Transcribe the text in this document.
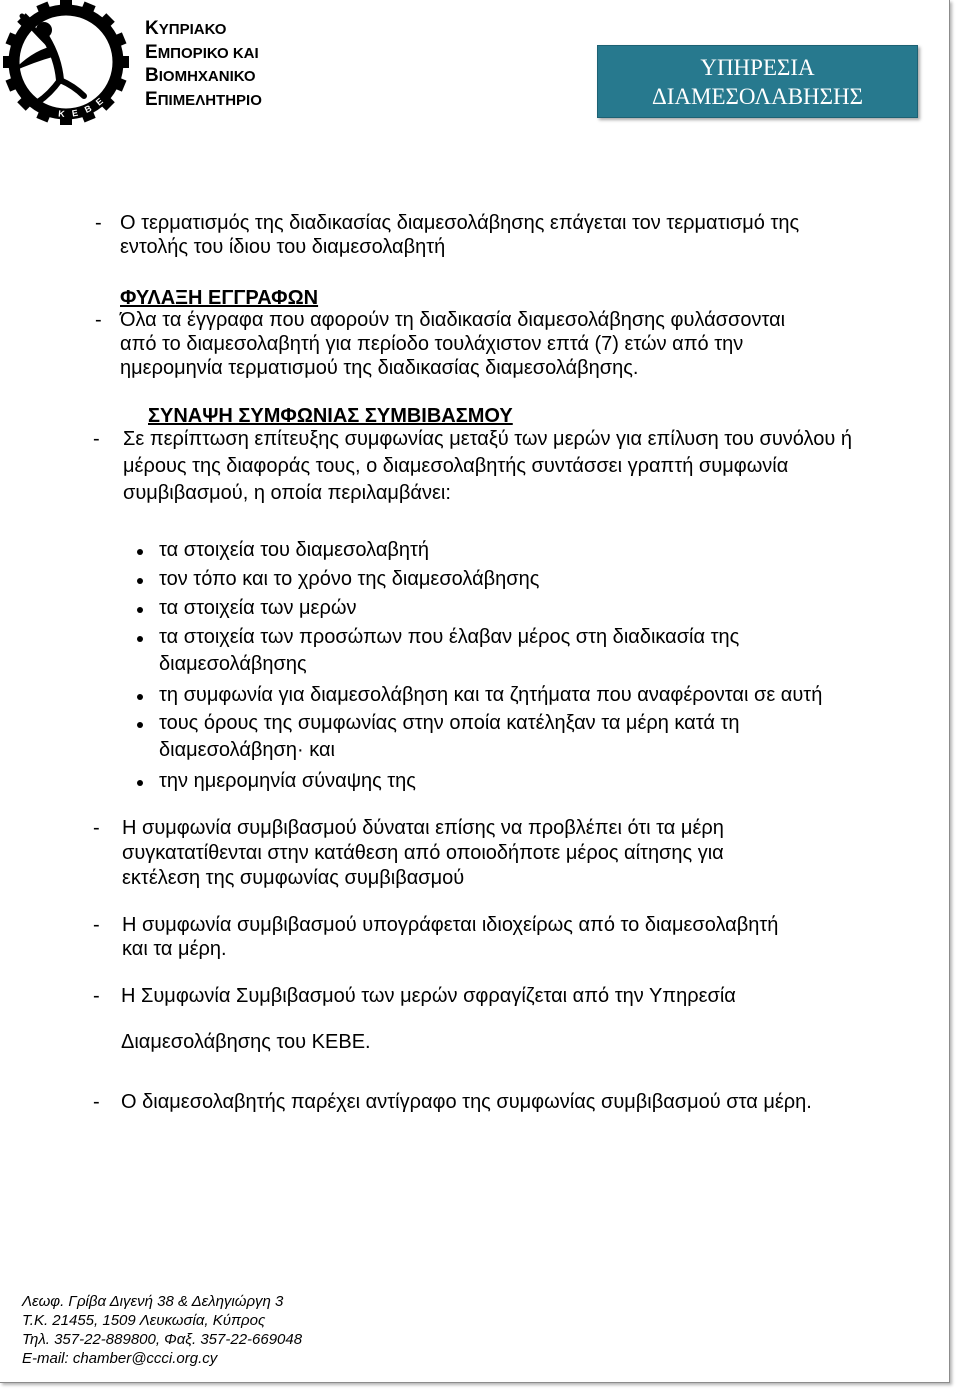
Κ Ε Β
Ε
ΚΥΠΡΙΑΚΟ
ΕΜΠΟΡΙΚΟ ΚΑΙ
ΒΙΟΜΗΧΑΝΙΚΟ
ΕΠΙΜΕΛΗΤΗΡΙΟ
ΥΠΗΡΕΣΙΑ
ΔΙΑΜΕΣΟΛΑΒΗΣΗΣ
- Ο τερματισμός της διαδικασίας διαμεσολάβησης επάγεται τον τερματισμό της
εντολής του ίδιου του διαμεσολαβητή
ΦΥΛΑΞΗ ΕΓΓΡΑΦΩΝ
- Όλα τα έγγραφα που αφορούν τη διαδικασία διαμεσολάβησης φυλάσσονται
από το διαμεσολαβητή για περίοδο τουλάχιστον επτά (7) ετών από την
ημερομηνία τερματισμού της διαδικασίας διαμεσολάβησης.
ΣΥΝΑΨΗ ΣΥΜΦΩΝΙΑΣ ΣΥΜΒΙΒΑΣΜΟΥ
- Σε περίπτωση επίτευξης συμφωνίας μεταξύ των μερών για επίλυση του συνόλου ή
μέρους της διαφοράς τους, ο διαμεσολαβητής συντάσσει γραπτή συμφωνία
συμβιβασμού, η οποία περιλαμβάνει:
τα στοιχεία του διαμεσολαβητή
τον τόπο και το χρόνο της διαμεσολάβησης
τα στοιχεία των μερών
τα στοιχεία των προσώπων που έλαβαν μέρος στη διαδικασία της
διαμεσολάβησης
τη συμφωνία για διαμεσολάβηση και τα ζητήματα που αναφέρονται σε αυτή
τους όρους της συμφωνίας στην οποία κατέληξαν τα μέρη κατά τη
διαμεσολάβηση· και
την ημερομηνία σύναψης της
- Η συμφωνία συμβιβασμού δύναται επίσης να προβλέπει ότι τα μέρη
συγκατατίθενται στην κατάθεση από οποιοδήποτε μέρος αίτησης για
εκτέλεση της συμφωνίας συμβιβασμού
- Η συμφωνία συμβιβασμού υπογράφεται ιδιοχείρως από το διαμεσολαβητή
και τα μέρη.
- Η Συμφωνία Συμβιβασμού των μερών σφραγίζεται από την Υπηρεσία
Διαμεσολάβησης του ΚΕΒΕ.
- Ο διαμεσολαβητής παρέχει αντίγραφο της συμφωνίας συμβιβασμού στα μέρη.
Λεωφ. Γρίβα Διγενή 38 & Δεληγιώργη 3
Τ.Κ. 21455, 1509 Λευκωσία, Κύπρος
Τηλ. 357-22-889800, Φαξ. 357-22-669048
E-mail: chamber@ccci.org.cy
